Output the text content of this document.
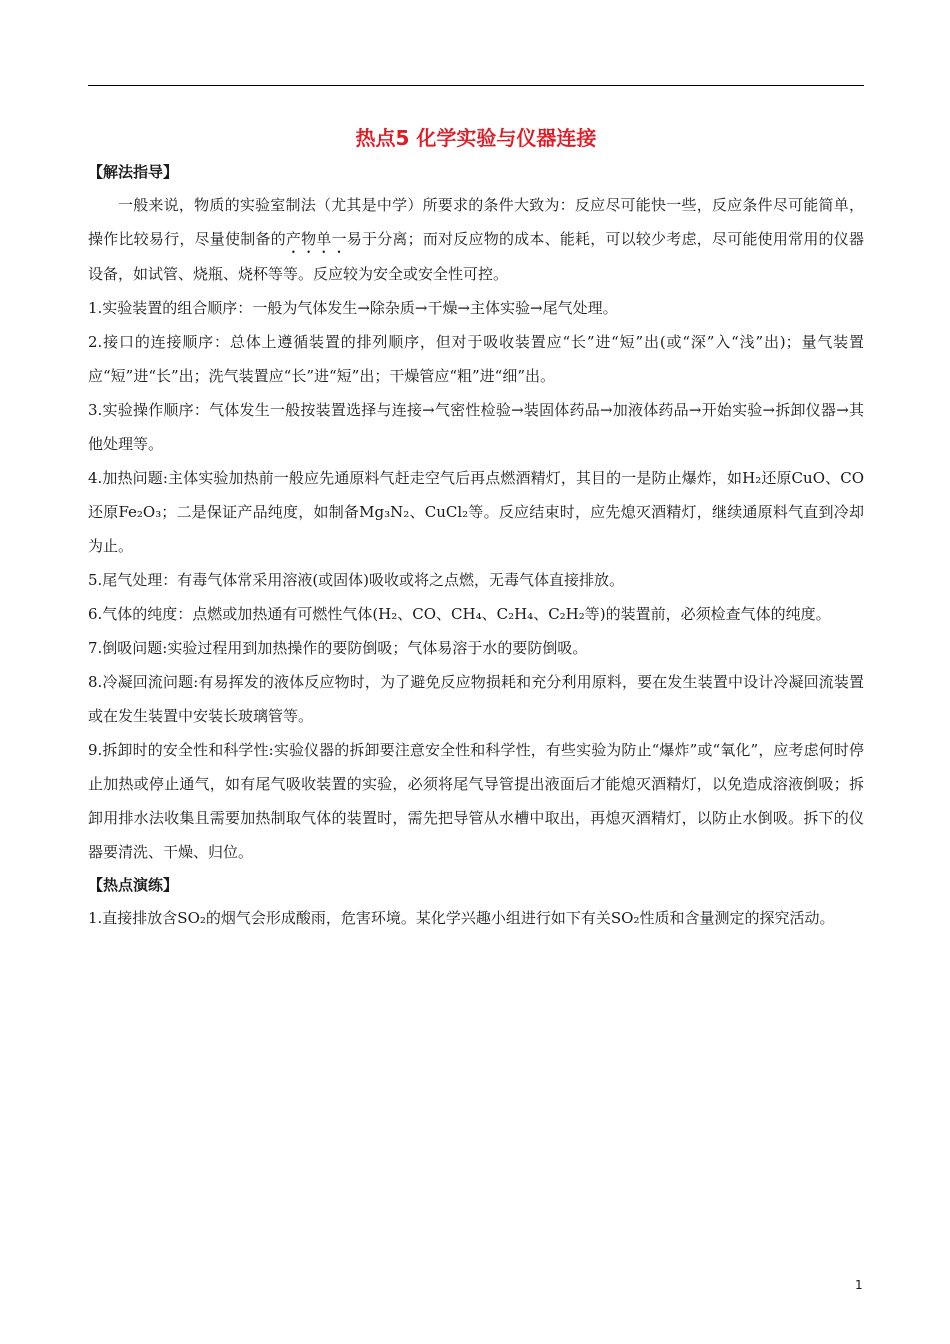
热点5 化学实验与仪器连接
【解法指导】

一般来说，物质的实验室制法（尤其是中学）所要求的条件大致为：反应尽可能快一些，反应条件尽可能简单，操作比较易行，尽量使制备的产物单一易于分离；而对反应物的成本、能耗，可以较少考虑，尽可能使用常用的仪器设备，如试管、烧瓶、烧杯等等。反应较为安全或安全性可控。

1.实验装置的组合顺序：一般为气体发生→除杂质→干燥→主体实验→尾气处理。

2.接口的连接顺序：总体上遵循装置的排列顺序，但对于吸收装置应“长”进“短”出(或“深”入“浅”出)；量气装置应“短”进“长”出；洗气装置应“长”进“短”出；干燥管应“粗”进“细”出。

3.实验操作顺序：气体发生一般按装置选择与连接→气密性检验→装固体药品→加液体药品→开始实验→拆卸仪器→其他处理等。

4.加热问题:主体实验加热前一般应先通原料气赶走空气后再点燃酒精灯，其目的一是防止爆炸，如H₂还原CuO、CO还原Fe₂O₃；二是保证产品纯度，如制备Mg₃N₂、CuCl₂等。反应结束时，应先熄灭酒精灯，继续通原料气直到冷却为止。

5.尾气处理：有毒气体常采用溶液(或固体)吸收或将之点燃，无毒气体直接排放。

6.气体的纯度：点燃或加热通有可燃性气体(H₂、CO、CH₄、C₂H₄、C₂H₂等)的装置前，必须检查气体的纯度。

7.倒吸问题:实验过程用到加热操作的要防倒吸；气体易溶于水的要防倒吸。

8.冷凝回流问题:有易挥发的液体反应物时，为了避免反应物损耗和充分利用原料，要在发生装置中设计冷凝回流装置或在发生装置中安装长玻璃管等。

9.拆卸时的安全性和科学性:实验仪器的拆卸要注意安全性和科学性，有些实验为防止“爆炸”或“氧化”，应考虑何时停止加热或停止通气，如有尾气吸收装置的实验，必须将尾气导管提出液面后才能熄灭酒精灯，以免造成溶液倒吸；拆卸用排水法收集且需要加热制取气体的装置时，需先把导管从水槽中取出，再熄灭酒精灯，以防止水倒吸。拆下的仪器要清洗、干燥、归位。

【热点演练】

1.直接排放含SO₂的烟气会形成酸雨，危害环境。某化学兴趣小组进行如下有关SO₂性质和含量测定的探究活动。

1
